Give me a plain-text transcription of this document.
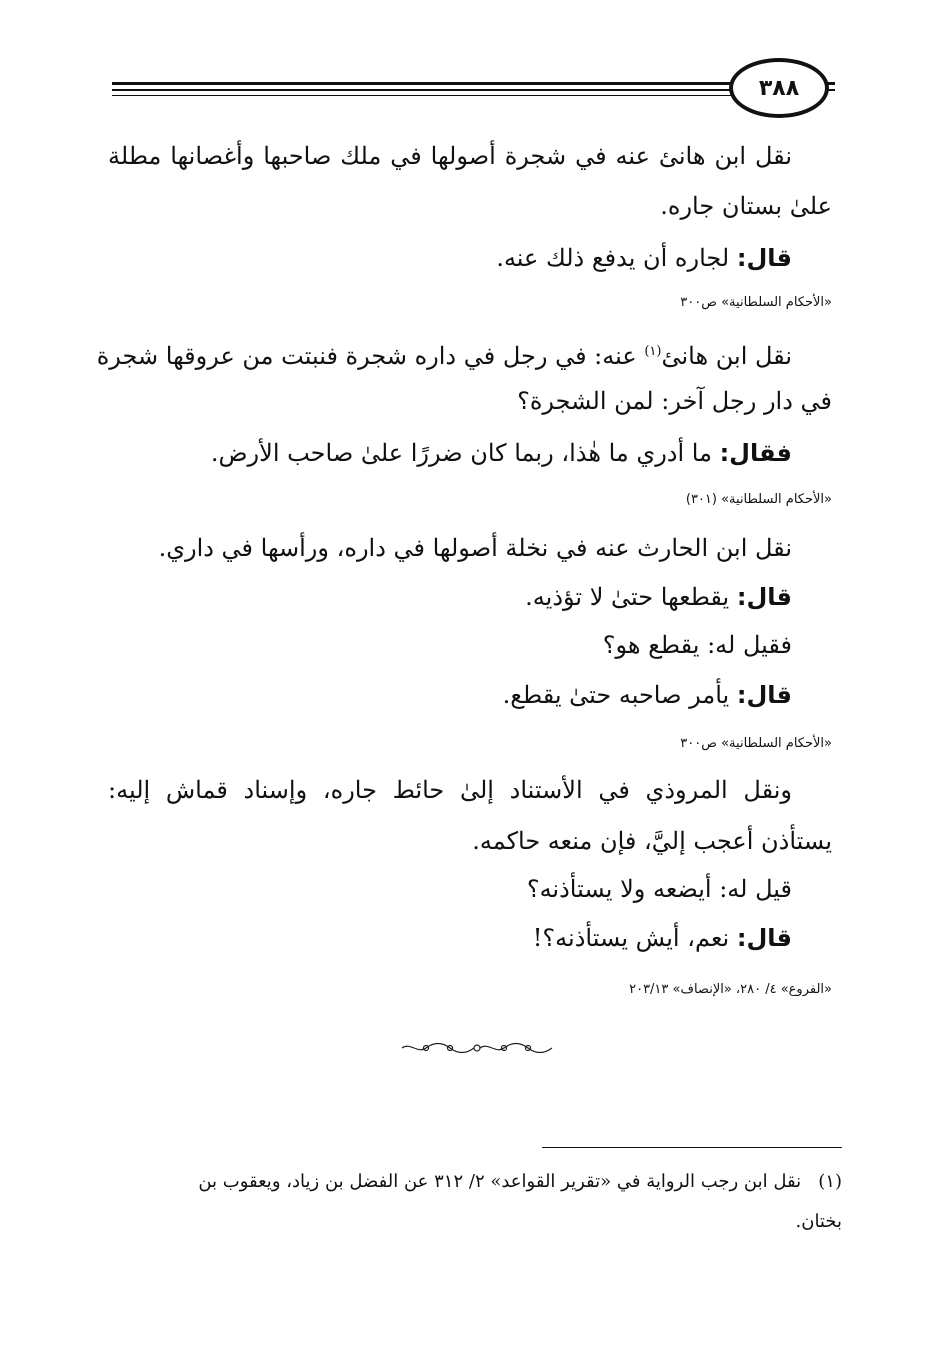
٣٨٨
نقل ابن هانئ عنه في شجرة أصولها في ملك صاحبها وأغصانها مطلة
علىٰ بستان جاره.
قال: لجاره أن يدفع ذلك عنه.
«الأحكام السلطانية» ص٣٠٠
نقل ابن هانئ$^{(١)}$ عنه: في رجل في داره شجرة فنبتت من عروقها شجرة
في دار رجل آخر: لمن الشجرة؟
فقال: ما أدري ما هٰذا، ربما كان ضررًا علىٰ صاحب الأرض.
«الأحكام السلطانية» (٣٠١)
نقل ابن الحارث عنه في نخلة أصولها في داره، ورأسها في داري.
قال: يقطعها حتىٰ لا تؤذيه.
فقيل له: يقطع هو؟
قال: يأمر صاحبه حتىٰ يقطع.
«الأحكام السلطانية» ص٣٠٠
ونقل المروذي في الأستناد إلىٰ حائط جاره، وإسناد قماش إليه:
يستأذن أعجب إليَّ، فإن منعه حاكمه.
قيل له: أيضعه ولا يستأذنه؟
قال: نعم، أيش يستأذنه؟!
«الفروع» ٤/ ٢٨٠، «الإنصاف» ٢٠٣/١٣
(١)   نقل ابن رجب الرواية في «تقرير القواعد» ٢/ ٣١٢ عن الفضل بن زياد، ويعقوب بن
بختان.
